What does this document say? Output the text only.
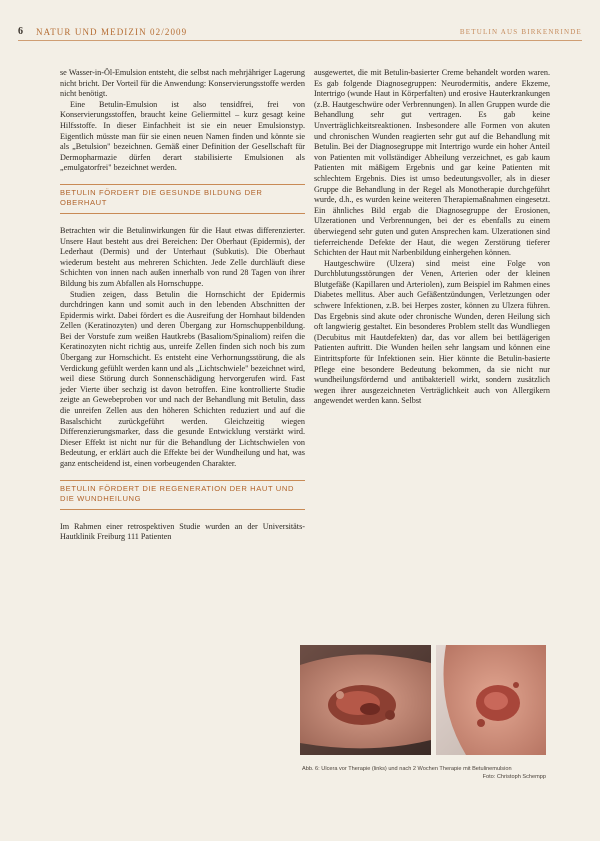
6 NATUR UND MEDIZIN 02/2009	BETULIN AUS BIRKENRINDE

se Wasser-in-Öl-Emulsion entsteht, die selbst nach mehrjähriger Lagerung nicht bricht. Der Vorteil für die Anwendung: Konservierungsstoffe werden nicht benötigt.

Eine Betulin-Emulsion ist also tensidfrei, frei von Konservierungsstoffen, braucht keine Geliermittel – kurz gesagt keine Hilfsstoffe. In dieser Einfachheit ist sie ein neuer Emulsionstyp. Eigentlich müsste man für sie einen neuen Namen finden und könnte sie als „Betulsion" bezeichnen. Gemäß einer Definition der Gesellschaft für Dermopharmazie dürfen derart stabilisierte Emulsionen als „emulgatorfrei" bezeichnet werden.

BETULIN FÖRDERT DIE GESUNDE BILDUNG DER OBERHAUT

Betrachten wir die Betulinwirkungen für die Haut etwas differenzierter. Unsere Haut besteht aus drei Bereichen: Der Oberhaut (Epidermis), der Lederhaut (Dermis) und der Unterhaut (Subkutis). Die Oberhaut wiederum besteht aus mehreren Schichten. Jede Zelle durchläuft diese Schichten von innen nach außen innerhalb von rund 28 Tagen von ihrer Bildung bis zum Abfallen als Hornschuppe.

Studien zeigen, dass Betulin die Hornschicht der Epidermis durchdringen kann und somit auch in den lebenden Abschnitten der Epidermis wirkt. Dabei fördert es die Ausreifung der Hornhaut bildenden Zellen (Keratinozyten) und deren Übergang zur Hornschuppenbildung. Bei der Vorstufe zum weißen Hautkrebs (Basaliom/Spinaliom) reifen die Keratinozyten nicht richtig aus, unreife Zellen finden sich noch bis zum Übergang zur Hornschicht. Es entsteht eine Verhornungsstörung, die als Verdickung gefühlt werden kann und als „Lichtschwiele" bezeichnet wird, weil diese Störung durch Sonnenschädigung hervorgerufen wird. Fast jeder Vierte über sechzig ist davon betroffen. Eine kontrollierte Studie zeigte an Gewebeproben vor und nach der Behandlung mit Betulin, dass die unreifen Zellen aus den höheren Schichten reduziert und auf die Basalschicht zurückgeführt werden. Gleichzeitig wiegen Differenzierungsmarker, dass die gesunde Entwicklung verstärkt wird. Dieser Effekt ist nicht nur für die Behandlung der Lichtschwielen von Bedeutung, er erklärt auch die Effekte bei der Wundheilung und hat, was ganz entscheidend ist, einen vorbeugenden Charakter.

BETULIN FÖRDERT DIE REGENERATION DER HAUT UND DIE WUNDHEILUNG

Im Rahmen einer retrospektiven Studie wurden an der Universitäts-Hautklinik Freiburg 111 Patienten

ausgewertet, die mit Betulin-basierter Creme behandelt worden waren. Es gab folgende Diagnosegruppen: Neurodermitis, andere Ekzeme, Intertrigo (wunde Haut in Körperfalten) und erosive Hauterkrankungen (z.B. Hautgeschwüre oder Verbrennungen). In allen Gruppen wurde die Behandlung sehr gut vertragen. Es gab keine Unverträglichkeitsreaktionen. Insbesondere alle Formen von akuten und chronischen Wunden reagierten sehr gut auf die Behandlung mit Betulin. Bei der Diagnosegruppe mit Intertrigo wurde ein hoher Anteil von Patienten mit vollständiger Abheilung verzeichnet, es gab kaum Patienten mit mäßigem Ergebnis und gar keine Patienten mit schlechtem Ergebnis. Dies ist umso bedeutungsvoller, als in dieser Gruppe die Behandlung in der Regel als Monotherapie durchgeführt wurde, d.h., es wurden keine weiteren Therapiemaßnahmen eingesetzt. Ein ähnliches Bild ergab die Diagnosegruppe der Erosionen, Ulzerationen und Verbrennungen, bei der es ebenfalls zu einem überwiegend sehr guten und guten Ansprechen kam. Ulzerationen sind tieferreichende Defekte der Haut, die wegen Zerstörung tieferer Schichten der Haut mit Narbenbildung einhergehen können.

Hautgeschwüre (Ulzera) sind meist eine Folge von Durchblutungsstörungen der Venen, Arterien oder der kleinen Blutgefäße (Kapillaren und Arteriolen), zum Beispiel im Rahmen eines Diabetes mellitus. Aber auch Gefäßentzündungen, Verletzungen oder schwere Infektionen, z.B. bei Herpes zoster, können zu Ulzera führen. Das Ergebnis sind akute oder chronische Wunden, deren Heilung sich oft langwierig gestaltet. Ein besonderes Problem stellt das Wundliegen (Decubitus mit Hautdefekten) dar, das vor allem bei bettlägerigen Patienten auftritt. Die Wunden heilen sehr langsam und können eine Eintrittspforte für Infektionen sein. Hier könnte die Betulin-basierte Pflege eine besondere Bedeutung bekommen, da sie nicht nur wundheilungsfördernd und antibakteriell wirkt, sondern zusätzlich wegen ihrer ausgezeichneten Verträglichkeit auch von Allergikern angewendet werden kann. Selbst

Abb. 6: Ulcera vor Therapie (links) und nach 2 Wochen Therapie mit Betulinemulsion
Foto: Christoph Schempp
